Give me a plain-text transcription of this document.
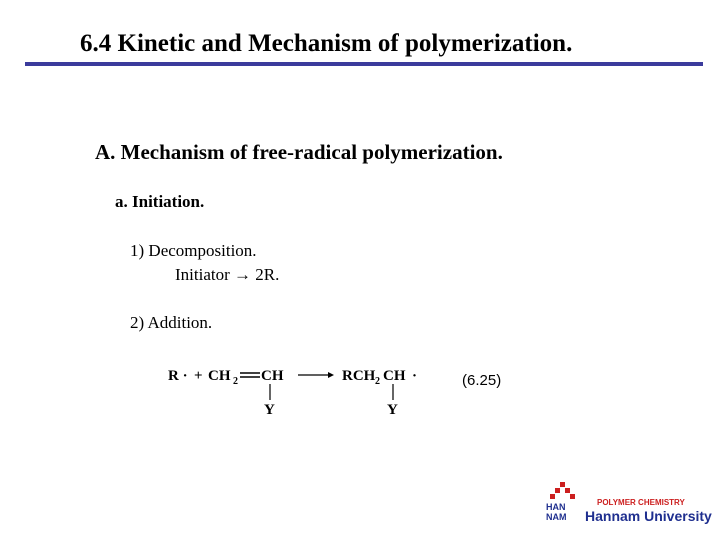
6.4 Kinetic and Mechanism of polymerization.
A. Mechanism of free-radical polymerization.
a. Initiation.
1) Decomposition.
Initiator → 2R.
2) Addition.
R · + CH 2 CH
Y
RCH 2 CH ·
Y
(6.25)
HAN
NAM
POLYMER CHEMISTRY
Hannam University
